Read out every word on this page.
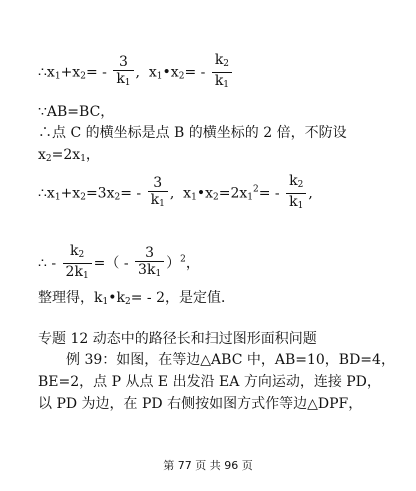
$\therefore x_1+x_2= - \frac{3}{k_1}$ , $x_1•x_2= - \frac{k_2}{k_1}$
∵AB=BC，
∴点 C 的横坐标是点 B 的横坐标的 2 倍，不防设
$x_2=2x_1$，
$\therefore x_1+x_2=3x_2= - \frac{3}{k_1}$ , $x_1•x_2=2x_1^2= - \frac{k_2}{k_1}$ ,
∴ - $\frac{k_2}{2k_1}$ =（ - $\frac{3}{3k_1} )^2$，
整理得，$k_1•k_2= - 2$，是定值．
专题 12 动态中的路径长和扫过图形面积问题
例 39：如图，在等边△ABC 中，AB=10，BD=4，
BE=2，点 P 从点 E 出发沿 EA 方向运动，连接 PD，
以 PD 为边，在 PD 右侧按如图方式作等边△DPF，
第 77 页 共 96 页
